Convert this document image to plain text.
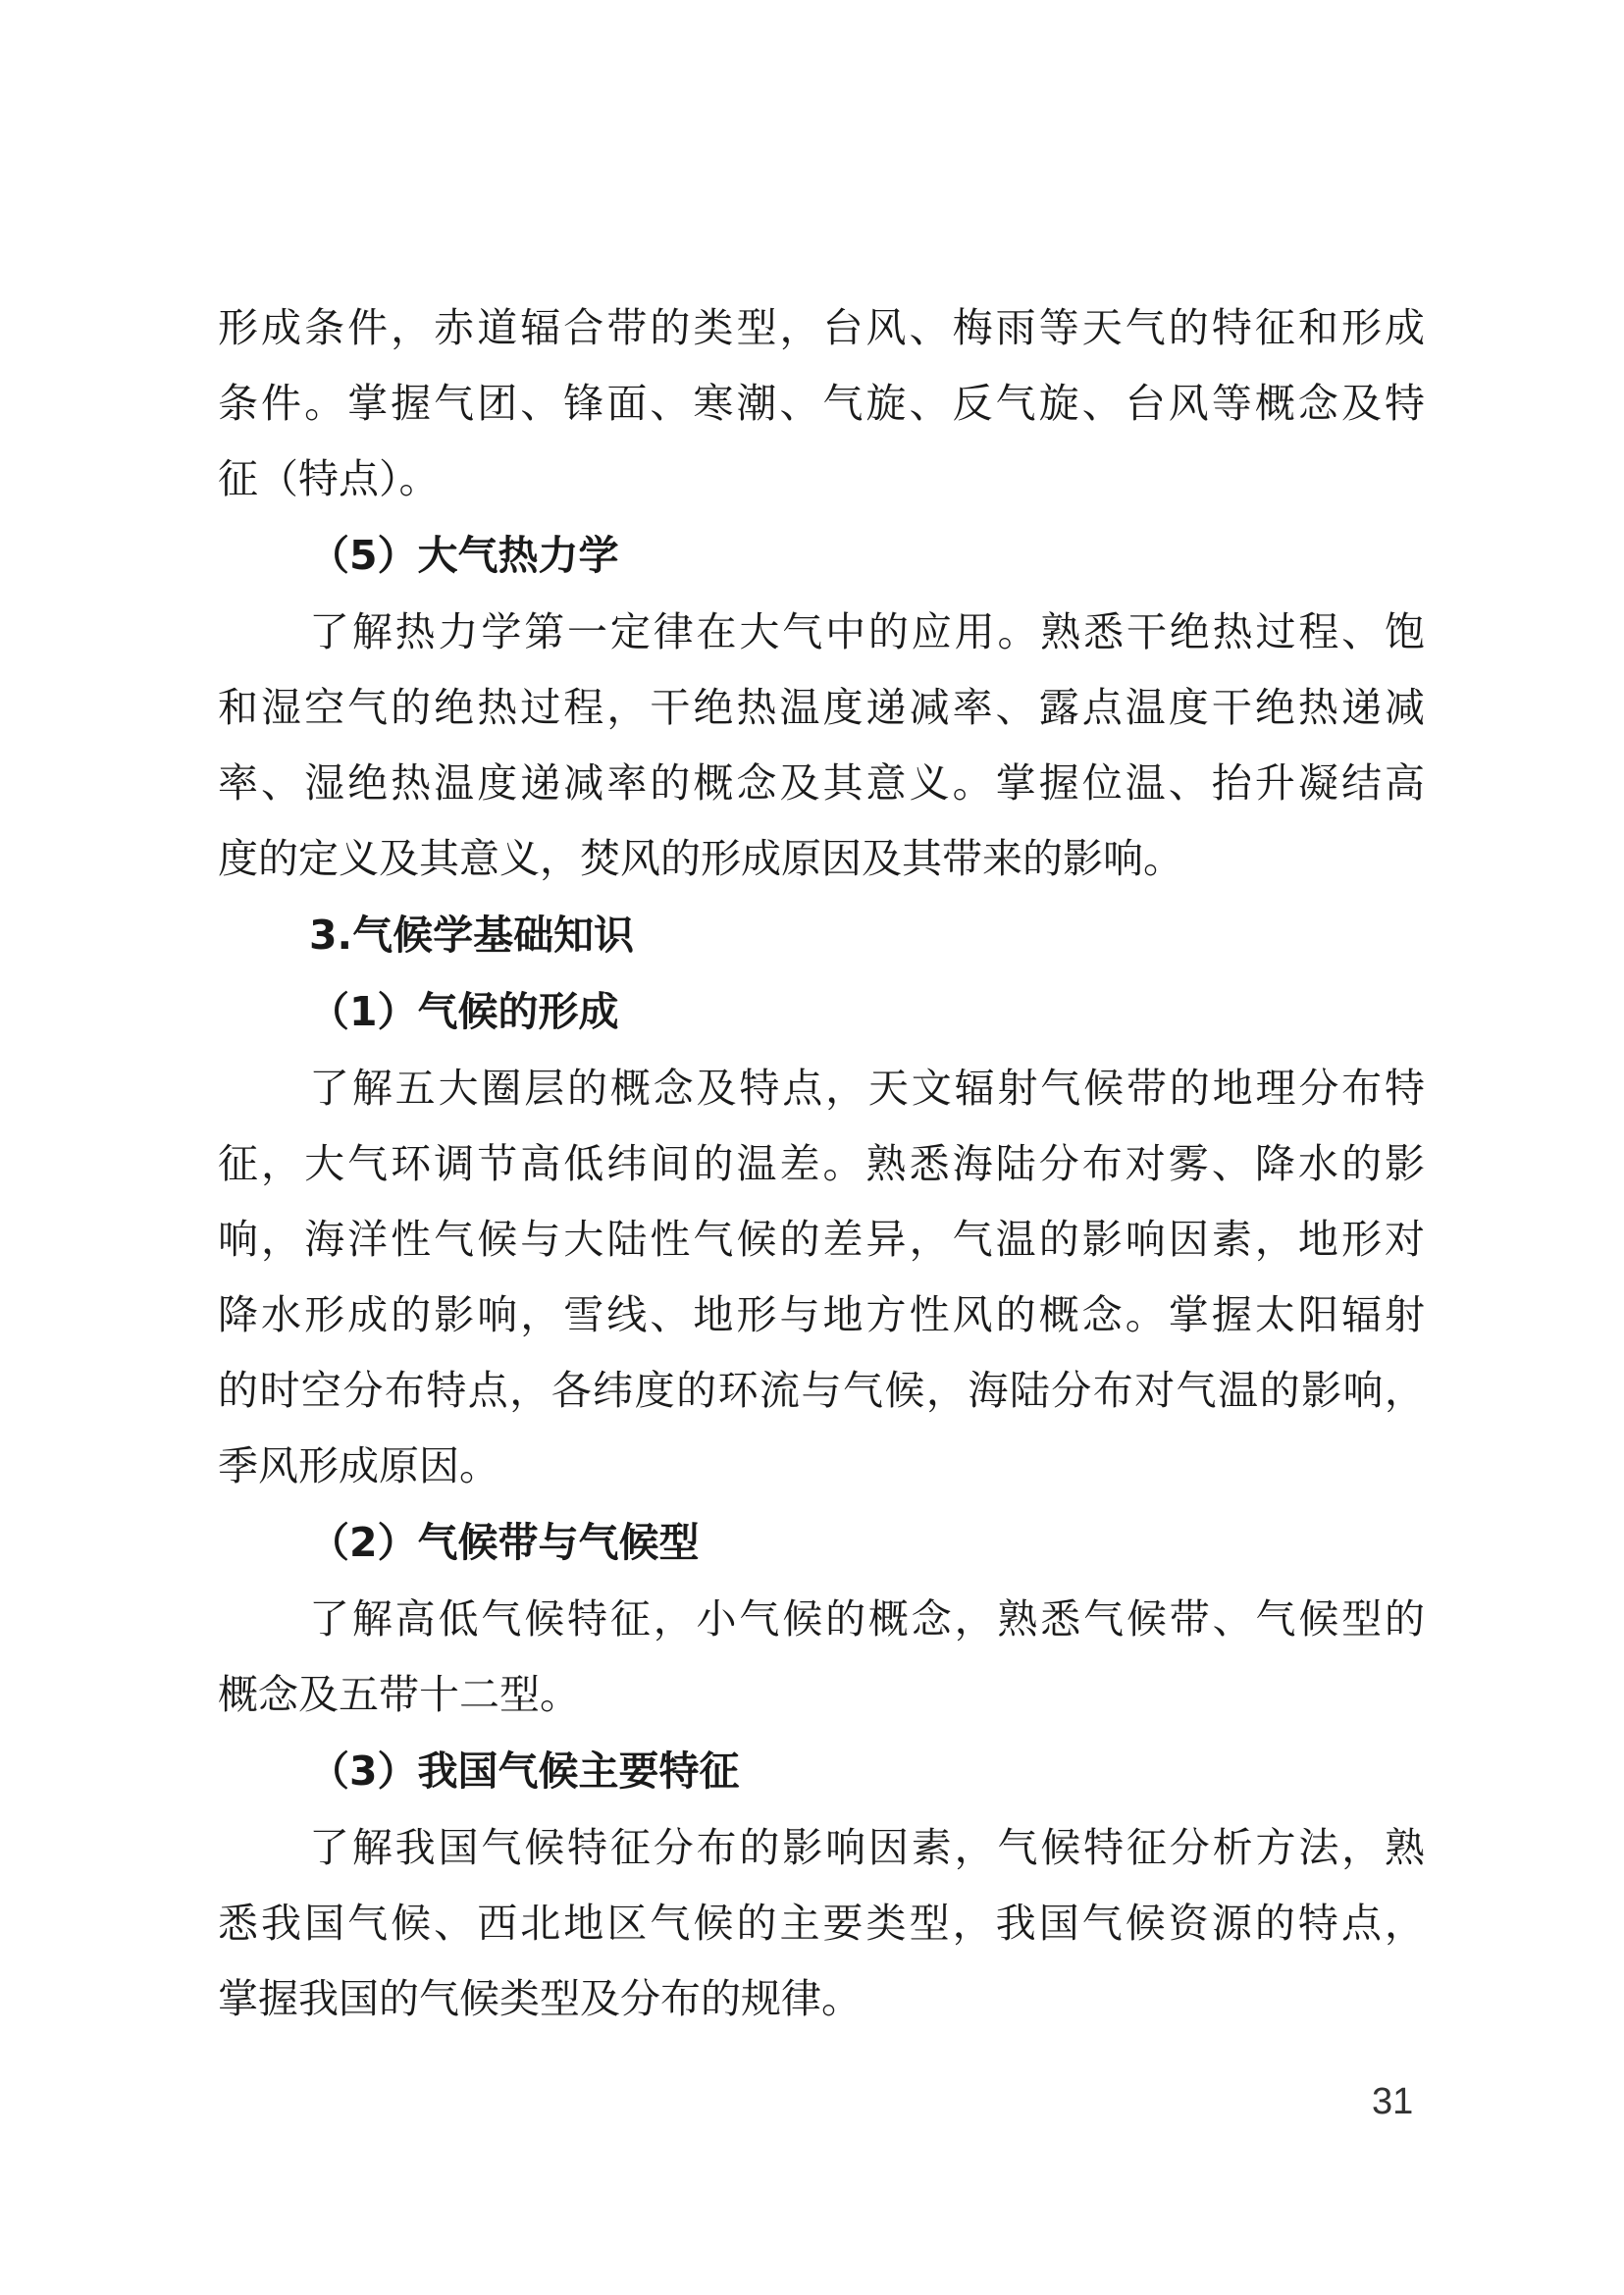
形成条件，赤道辐合带的类型，台风、梅雨等天气的特征和形成
条件。掌握气团、锋面、寒潮、气旋、反气旋、台风等概念及特
征（特点）。
（5）大气热力学
了解热力学第一定律在大气中的应用。熟悉干绝热过程、饱
和湿空气的绝热过程，干绝热温度递减率、露点温度干绝热递减
率、湿绝热温度递减率的概念及其意义。掌握位温、抬升凝结高
度的定义及其意义，焚风的形成原因及其带来的影响。
3.气候学基础知识
（1）气候的形成
了解五大圈层的概念及特点，天文辐射气候带的地理分布特
征，大气环调节高低纬间的温差。熟悉海陆分布对雾、降水的影
响，海洋性气候与大陆性气候的差异，气温的影响因素，地形对
降水形成的影响，雪线、地形与地方性风的概念。掌握太阳辐射
的时空分布特点，各纬度的环流与气候，海陆分布对气温的影响，
季风形成原因。
（2）气候带与气候型
了解高低气候特征，小气候的概念，熟悉气候带、气候型的
概念及五带十二型。
（3）我国气候主要特征
了解我国气候特征分布的影响因素，气候特征分析方法，熟
悉我国气候、西北地区气候的主要类型，我国气候资源的特点，
掌握我国的气候类型及分布的规律。
31
